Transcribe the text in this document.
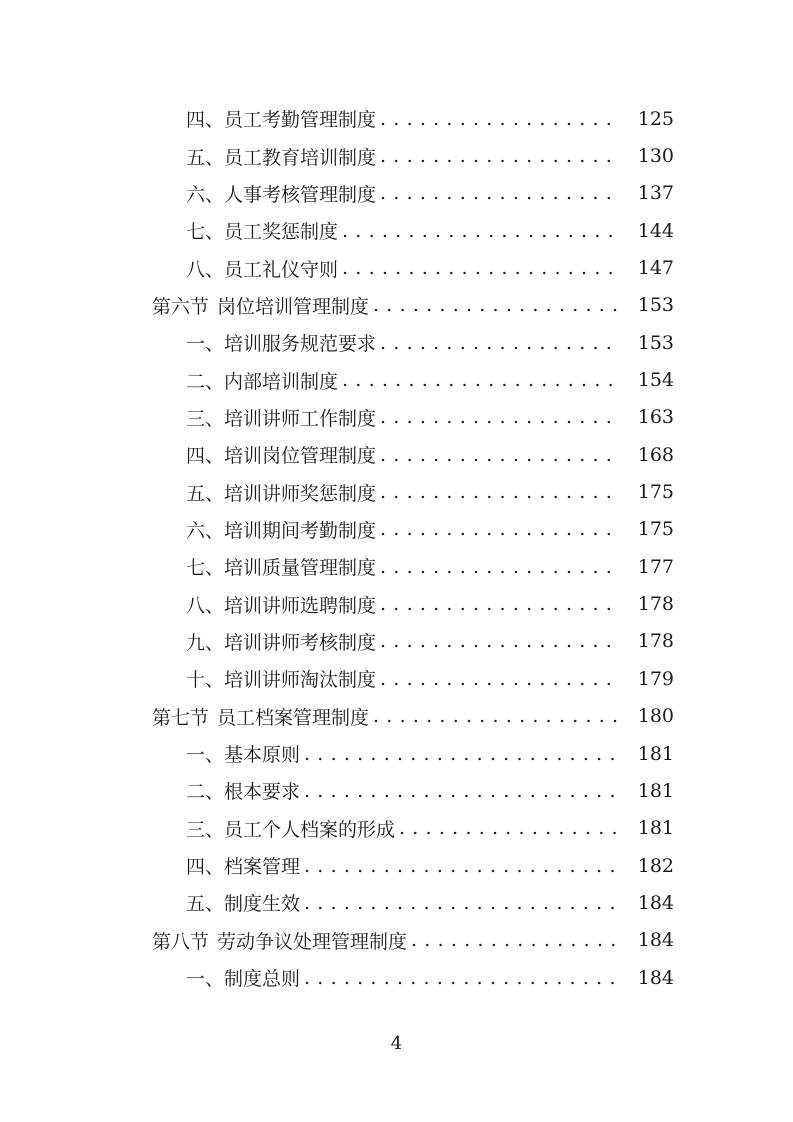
四、 员工考勤管理制度 . . .	125
五、 员工教育培训制度 . . .	130
六、 人事考核管理制度 . . .	137
七、 员工奖惩制度 . . .	144
八、 员工礼仪守则 . . .	147
第六节 岗位培训管理制度 . . .	153
一、 培训服务规范要求 . . .	153
二、 内部培训制度 . . .	154
三、 培训讲师工作制度 . . .	163
四、 培训岗位管理制度 . . .	168
五、 培训讲师奖惩制度 . . .	175
六、 培训期间考勤制度 . . .	175
七、 培训质量管理制度 . . .	177
八、 培训讲师选聘制度 . . .	178
九、 培训讲师考核制度 . . .	178
十、 培训讲师淘汰制度 . . .	179
第七节 员工档案管理制度 . . .	180
一、 基本原则 . . .	181
二、 根本要求 . . .	181
三、 员工个人档案的形成 . . .	181
四、 档案管理 . . .	182
五、 制度生效 . . .	184
第八节 劳动争议处理管理制度 . . .	184
一、 制度总则 . . .	184
4
